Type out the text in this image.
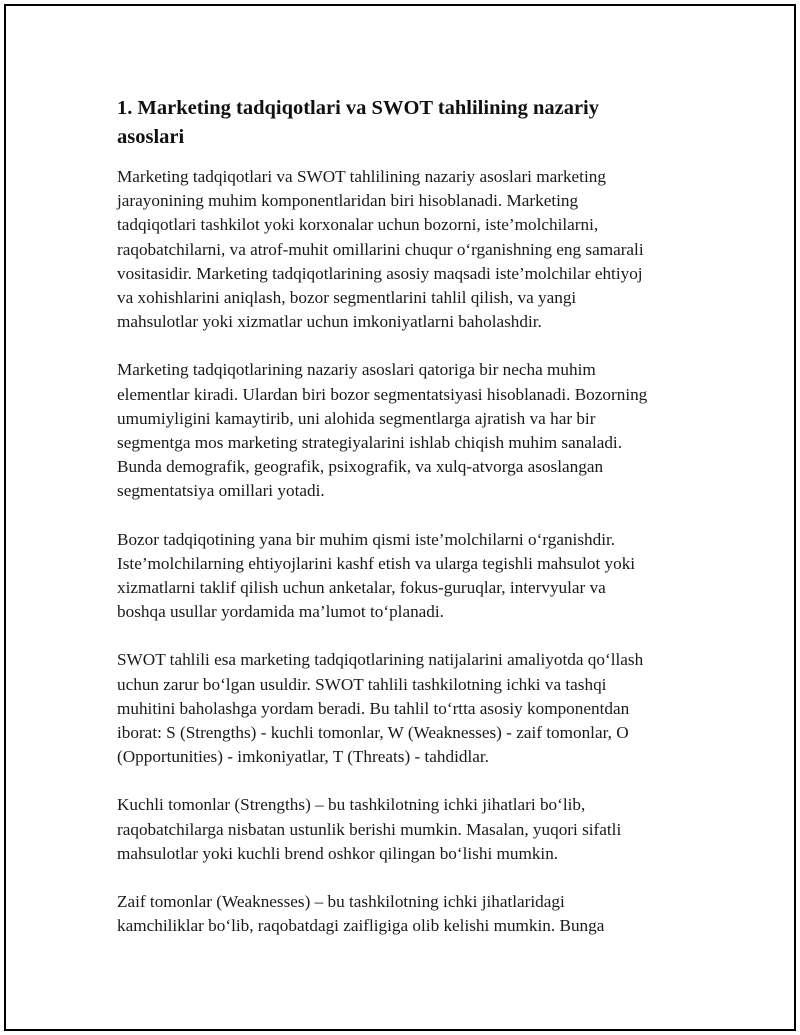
1. Marketing tadqiqotlari va SWOT tahlilining nazariy
asoslari

Marketing tadqiqotlari va SWOT tahlilining nazariy asoslari marketing
jarayonining muhim komponentlaridan biri hisoblanadi. Marketing
tadqiqotlari tashkilot yoki korxonalar uchun bozorni, iste’molchilarni,
raqobatchilarni, va atrof-muhit omillarini chuqur o‘rganishning eng samarali
vositasidir. Marketing tadqiqotlarining asosiy maqsadi iste’molchilar ehtiyoj
va xohishlarini aniqlash, bozor segmentlarini tahlil qilish, va yangi
mahsulotlar yoki xizmatlar uchun imkoniyatlarni baholashdir.

Marketing tadqiqotlarining nazariy asoslari qatoriga bir necha muhim
elementlar kiradi. Ulardan biri bozor segmentatsiyasi hisoblanadi. Bozorning
umumiyligini kamaytirib, uni alohida segmentlarga ajratish va har bir
segmentga mos marketing strategiyalarini ishlab chiqish muhim sanaladi.
Bunda demografik, geografik, psixografik, va xulq-atvorga asoslangan
segmentatsiya omillari yotadi.

Bozor tadqiqotining yana bir muhim qismi iste’molchilarni o‘rganishdir.
Iste’molchilarning ehtiyojlarini kashf etish va ularga tegishli mahsulot yoki
xizmatlarni taklif qilish uchun anketalar, fokus-guruqlar, intervyular va
boshqa usullar yordamida ma’lumot to‘planadi.

SWOT tahlili esa marketing tadqiqotlarining natijalarini amaliyotda qo‘llash
uchun zarur bo‘lgan usuldir. SWOT tahlili tashkilotning ichki va tashqi
muhitini baholashga yordam beradi. Bu tahlil to‘rtta asosiy komponentdan
iborat: S (Strengths) - kuchli tomonlar, W (Weaknesses) - zaif tomonlar, O
(Opportunities) - imkoniyatlar, T (Threats) - tahdidlar.

Kuchli tomonlar (Strengths) – bu tashkilotning ichki jihatlari bo‘lib,
raqobatchilarga nisbatan ustunlik berishi mumkin. Masalan, yuqori sifatli
mahsulotlar yoki kuchli brend oshkor qilingan bo‘lishi mumkin.

Zaif tomonlar (Weaknesses) – bu tashkilotning ichki jihatlaridagi
kamchiliklar bo‘lib, raqobatdagi zaifligiga olib kelishi mumkin. Bunga
